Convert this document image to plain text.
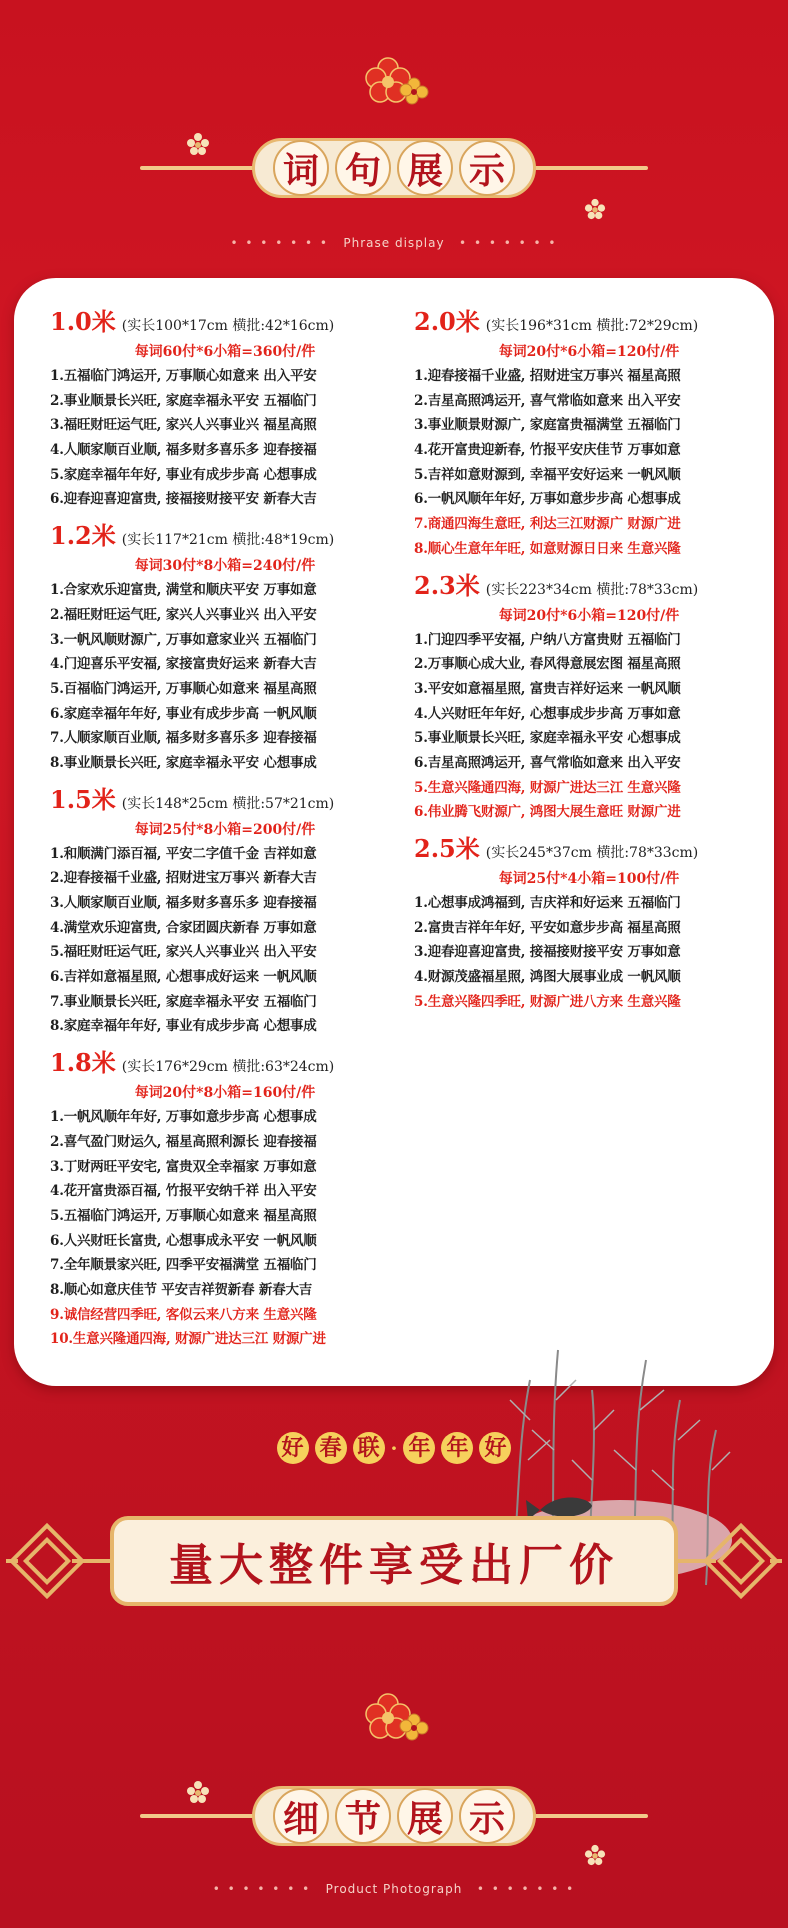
词 句 展 示
• • • • • • • Phrase display • • • • • • •
1.0米 (实长100*17cm 横批:42*16cm)
每词60付*6小箱=360付/件
1.五福临门鸿运开, 万事顺心如意来 出入平安
2.事业顺景长兴旺, 家庭幸福永平安 五福临门
3.福旺财旺运气旺, 家兴人兴事业兴 福星高照
4.人顺家顺百业顺, 福多财多喜乐多 迎春接福
5.家庭幸福年年好, 事业有成步步高 心想事成
6.迎春迎喜迎富贵, 接福接财接平安 新春大吉
1.2米 (实长117*21cm 横批:48*19cm)
每词30付*8小箱=240付/件
1.合家欢乐迎富贵, 满堂和顺庆平安 万事如意
2.福旺财旺运气旺, 家兴人兴事业兴 出入平安
3.一帆风顺财源广, 万事如意家业兴 五福临门
4.门迎喜乐平安福, 家接富贵好运来 新春大吉
5.百福临门鸿运开, 万事顺心如意来 福星高照
6.家庭幸福年年好, 事业有成步步高 一帆风顺
7.人顺家顺百业顺, 福多财多喜乐多 迎春接福
8.事业顺景长兴旺, 家庭幸福永平安 心想事成
1.5米 (实长148*25cm 横批:57*21cm)
每词25付*8小箱=200付/件
1.和顺满门添百福, 平安二字值千金 吉祥如意
2.迎春接福千业盛, 招财进宝万事兴 新春大吉
3.人顺家顺百业顺, 福多财多喜乐多 迎春接福
4.满堂欢乐迎富贵, 合家团圆庆新春 万事如意
5.福旺财旺运气旺, 家兴人兴事业兴 出入平安
6.吉祥如意福星照, 心想事成好运来 一帆风顺
7.事业顺景长兴旺, 家庭幸福永平安 五福临门
8.家庭幸福年年好, 事业有成步步高 心想事成
1.8米 (实长176*29cm 横批:63*24cm)
每词20付*8小箱=160付/件
1.一帆风顺年年好, 万事如意步步高 心想事成
2.喜气盈门财运久, 福星高照利源长 迎春接福
3.丁财两旺平安宅, 富贵双全幸福家 万事如意
4.花开富贵添百福, 竹报平安纳千祥 出入平安
5.五福临门鸿运开, 万事顺心如意来 福星高照
6.人兴财旺长富贵, 心想事成永平安 一帆风顺
7.全年顺景家兴旺, 四季平安福满堂 五福临门
8.顺心如意庆佳节 平安吉祥贺新春 新春大吉
9.诚信经营四季旺, 客似云来八方来 生意兴隆
10.生意兴隆通四海, 财源广进达三江 财源广进
2.0米 (实长196*31cm 横批:72*29cm)
每词20付*6小箱=120付/件
1.迎春接福千业盛, 招财进宝万事兴 福星高照
2.吉星高照鸿运开, 喜气常临如意来 出入平安
3.事业顺景财源广, 家庭富贵福满堂 五福临门
4.花开富贵迎新春, 竹报平安庆佳节 万事如意
5.吉祥如意财源到, 幸福平安好运来 一帆风顺
6.一帆风顺年年好, 万事如意步步高 心想事成
7.商通四海生意旺, 利达三江财源广 财源广进
8.顺心生意年年旺, 如意财源日日来 生意兴隆
2.3米 (实长223*34cm 横批:78*33cm)
每词20付*6小箱=120付/件
1.门迎四季平安福, 户纳八方富贵财 五福临门
2.万事顺心成大业, 春风得意展宏图 福星高照
3.平安如意福星照, 富贵吉祥好运来 一帆风顺
4.人兴财旺年年好, 心想事成步步高 万事如意
5.事业顺景长兴旺, 家庭幸福永平安 心想事成
6.吉星高照鸿运开, 喜气常临如意来 出入平安
5.生意兴隆通四海, 财源广进达三江 生意兴隆
6.伟业腾飞财源广, 鸿图大展生意旺 财源广进
2.5米 (实长245*37cm 横批:78*33cm)
每词25付*4小箱=100付/件
1.心想事成鸿福到, 吉庆祥和好运来 五福临门
2.富贵吉祥年年好, 平安如意步步高 福星高照
3.迎春迎喜迎富贵, 接福接财接平安 万事如意
4.财源茂盛福星照, 鸿图大展事业成 一帆风顺
5.生意兴隆四季旺, 财源广进八方来 生意兴隆
好 春 联 · 年 年 好
量大整件享受出厂价
细 节 展 示
• • • • • • • Product Photograph • • • • • • •
